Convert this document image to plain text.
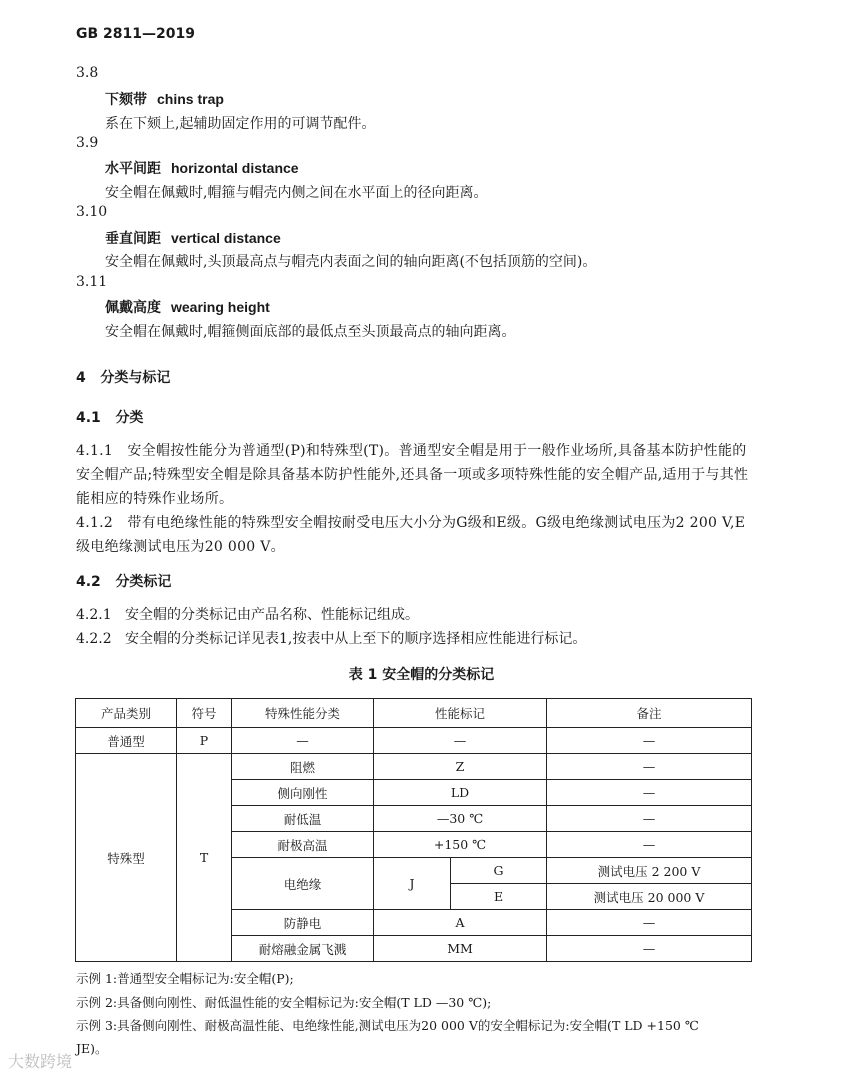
GB 2811—2019
3.8
下颏带 chins trap
系在下颏上,起辅助固定作用的可调节配件。
3.9
水平间距 horizontal distance
安全帽在佩戴时,帽箍与帽壳内侧之间在水平面上的径向距离。
3.10
垂直间距 vertical distance
安全帽在佩戴时,头顶最高点与帽壳内表面之间的轴向距离(不包括顶筋的空间)。
3.11
佩戴高度 wearing height
安全帽在佩戴时,帽箍侧面底部的最低点至头顶最高点的轴向距离。
4 分类与标记
4.1 分类
4.1.1 安全帽按性能分为普通型(P)和特殊型(T)。普通型安全帽是用于一般作业场所,具备基本防护性能的安全帽产品;特殊型安全帽是除具备基本防护性能外,还具备一项或多项特殊性能的安全帽产品,适用于与其性能相应的特殊作业场所。
4.1.2 带有电绝缘性能的特殊型安全帽按耐受电压大小分为G级和E级。G级电绝缘测试电压为2 200 V,E级电绝缘测试电压为20 000 V。
4.2 分类标记
4.2.1 安全帽的分类标记由产品名称、性能标记组成。
4.2.2 安全帽的分类标记详见表1,按表中从上至下的顺序选择相应性能进行标记。
表 1 安全帽的分类标记
产品类别	符号	特殊性能分类	性能标记		备注
普通型	P	—	—		—
特殊型	T	阻燃	Z		—
		侧向刚性	LD		—
		耐低温	—30 ℃		—
		耐极高温	+150 ℃		—
		电绝缘	J	G	测试电压 2 200 V
				E	测试电压 20 000 V
		防静电	A		—
		耐熔融金属飞溅	MM		—
示例 1:普通型安全帽标记为:安全帽(P);
示例 2:具备侧向刚性、耐低温性能的安全帽标记为:安全帽(T LD —30 ℃);
示例 3:具备侧向刚性、耐极高温性能、电绝缘性能,测试电压为20 000 V的安全帽标记为:安全帽(T LD +150 ℃
JE)。
大数跨境
